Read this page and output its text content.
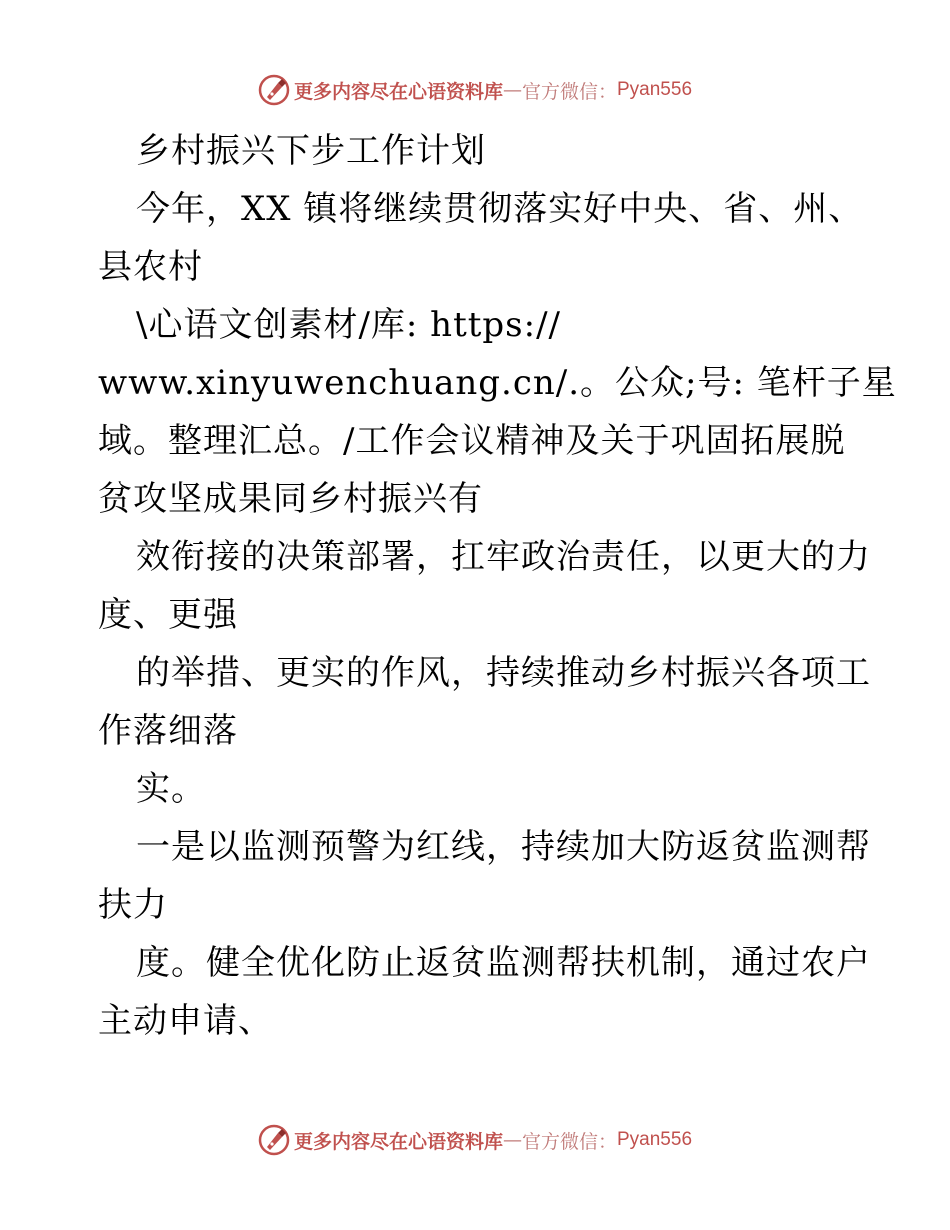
更多内容尽在心语资料库 — 官方微信： Pyan556
乡村振兴下步工作计划
今年，XX 镇将继续贯彻落实好中央、省、州、
县农村
\心语文创素材/库: https://
www.xinyuwenchuang.cn/.。公众;号: 笔杆子星
域。整理汇总。/工作会议精神及关于巩固拓展脱
贫攻坚成果同乡村振兴有
效衔接的决策部署，扛牢政治责任，以更大的力
度、更强
的举措、更实的作风，持续推动乡村振兴各项工
作落细落
实。
一是以监测预警为红线，持续加大防返贫监测帮
扶力
度。健全优化防止返贫监测帮扶机制，通过农户
主动申请、
更多内容尽在心语资料库 — 官方微信： Pyan556
